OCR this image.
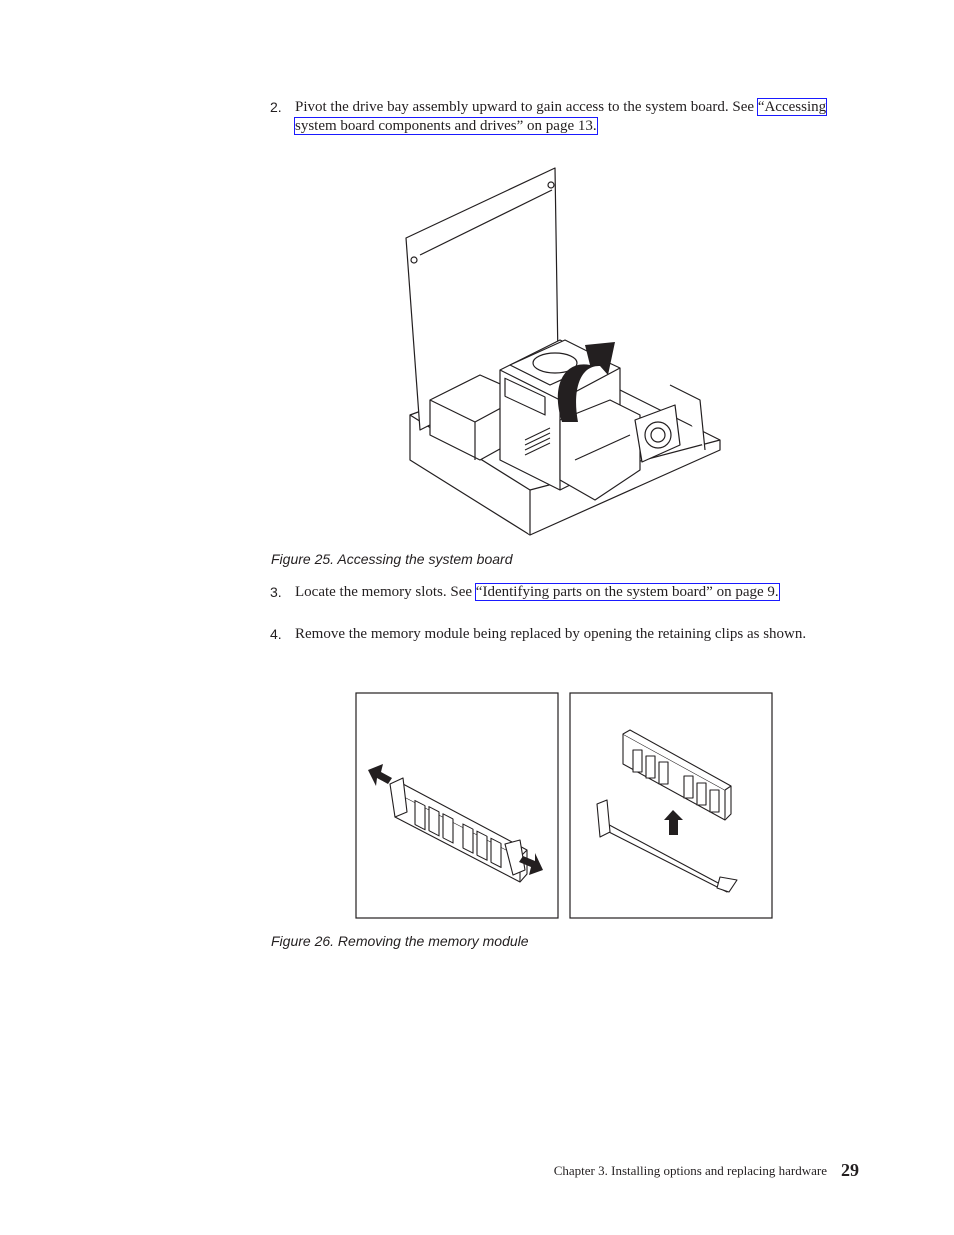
2. Pivot the drive bay assembly upward to gain access to the system board. See “Accessing system board components and drives” on page 13.
Figure 25. Accessing the system board
3. Locate the memory slots. See “Identifying parts on the system board” on page 9.
4. Remove the memory module being replaced by opening the retaining clips as shown.
Figure 26. Removing the memory module
Chapter 3. Installing options and replacing hardware 29
